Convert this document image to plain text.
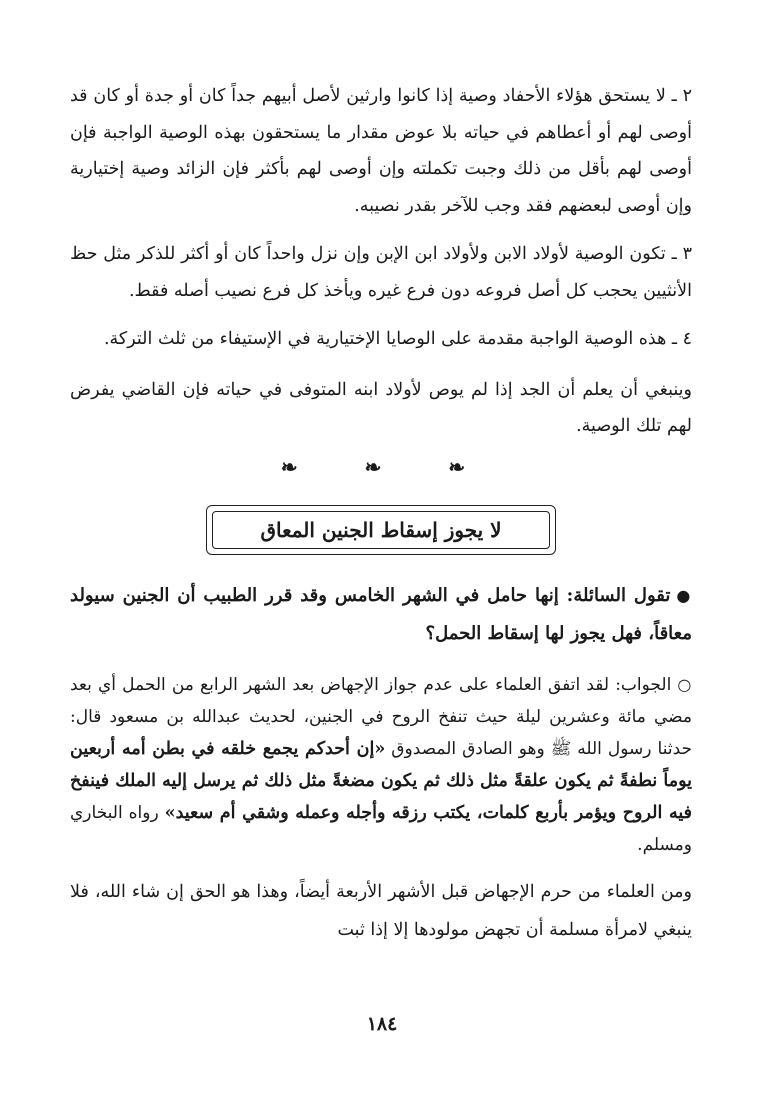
٢ ـ لا يستحق هؤلاء الأحفاد وصية إذا كانوا وارثين لأصل أبيهم جداً كان أو جدة أو كان قد أوصى لهم أو أعطاهم في حياته بلا عوض مقدار ما يستحقون بهذه الوصية الواجبة فإن أوصى لهم بأقل من ذلك وجبت تكملته وإن أوصى لهم بأكثر فإن الزائد وصية إختيارية وإن أوصى لبعضهم فقد وجب للآخر بقدر نصيبه.

٣ ـ تكون الوصية لأولاد الابن ولأولاد ابن الإبن وإن نزل واحداً كان أو أكثر للذكر مثل حظ الأنثيين يحجب كل أصل فروعه دون فرع غيره ويأخذ كل فرع نصيب أصله فقط.

٤ ـ هذه الوصية الواجبة مقدمة على الوصايا الإختيارية في الإستيفاء من ثلث التركة.

وينبغي أن يعلم أن الجد إذا لم يوص لأولاد ابنه المتوفى في حياته فإن القاضي يفرض لهم تلك الوصية.

❧	❧	❧
لا يجوز إسقاط الجنين المعاق

●تقول السائلة: إنها حامل في الشهر الخامس وقد قرر الطبيب أن الجنين سيولد معاقاً، فهل يجوز لها إسقاط الحمل؟

○الجواب: لقد اتفق العلماء على عدم جواز الإجهاض بعد الشهر الرابع من الحمل أي بعد مضي مائة وعشرين ليلة حيث تنفخ الروح في الجنين، لحديث عبدالله بن مسعود قال: حدثنا رسول الله ﷺ وهو الصادق المصدوق «إن أحدكم يجمع خلقه في بطن أمه أربعين يوماً نطفةً ثم يكون علقةً مثل ذلك ثم يكون مضغةً مثل ذلك ثم يرسل إليه الملك فينفخ فيه الروح ويؤمر بأربع كلمات، يكتب رزقه وأجله وعمله وشقي أم سعيد» رواه البخاري ومسلم.

ومن العلماء من حرم الإجهاض قبل الأشهر الأربعة أيضاً، وهذا هو الحق إن شاء الله، فلا ينبغي لامرأة مسلمة أن تجهض مولودها إلا إذا ثبت

١٨٤
